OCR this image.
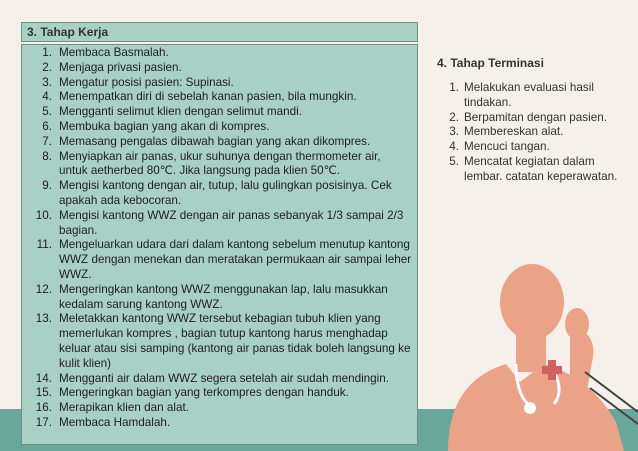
3. Tahap Kerja
1. Membaca Basmalah.
2. Menjaga privasi pasien.
3. Mengatur posisi pasien: Supinasi.
4. Menempatkan diri di sebelah kanan pasien, bila mungkin.
5. Mengganti selimut klien dengan selimut mandi.
6. Membuka bagian yang akan di kompres.
7. Memasang pengalas dibawah bagian yang akan dikompres.
8. Menyiapkan air panas, ukur suhunya dengan thermometer air, untuk aetherbed 80℃. Jika langsung pada klien 50℃.
9. Mengisi kantong dengan air, tutup, lalu gulingkan posisinya. Cek apakah ada kebocoran.
10. Mengisi kantong WWZ dengan air panas sebanyak 1/3 sampai 2/3 bagian.
11. Mengeluarkan udara dari dalam kantong sebelum menutup kantong WWZ dengan menekan dan meratakan permukaan air sampai leher WWZ.
12. Mengeringkan kantong WWZ menggunakan lap, lalu masukkan kedalam sarung kantong WWZ.
13. Meletakkan kantong WWZ tersebut kebagian tubuh klien yang memerlukan kompres , bagian tutup kantong harus menghadap keluar atau sisi samping (kantong air panas tidak boleh langsung ke kulit klien)
14. Mengganti air dalam WWZ segera setelah air sudah mendingin.
15. Mengeringkan bagian yang terkompres dengan handuk.
16. Merapikan klien dan alat.
17. Membaca Hamdalah.
4. Tahap Terminasi
1. Melakukan evaluasi hasil tindakan.
2. Berpamitan dengan pasien.
3. Membereskan alat.
4. Mencuci tangan.
5. Mencatat kegiatan dalam lembar. catatan keperawatan.
